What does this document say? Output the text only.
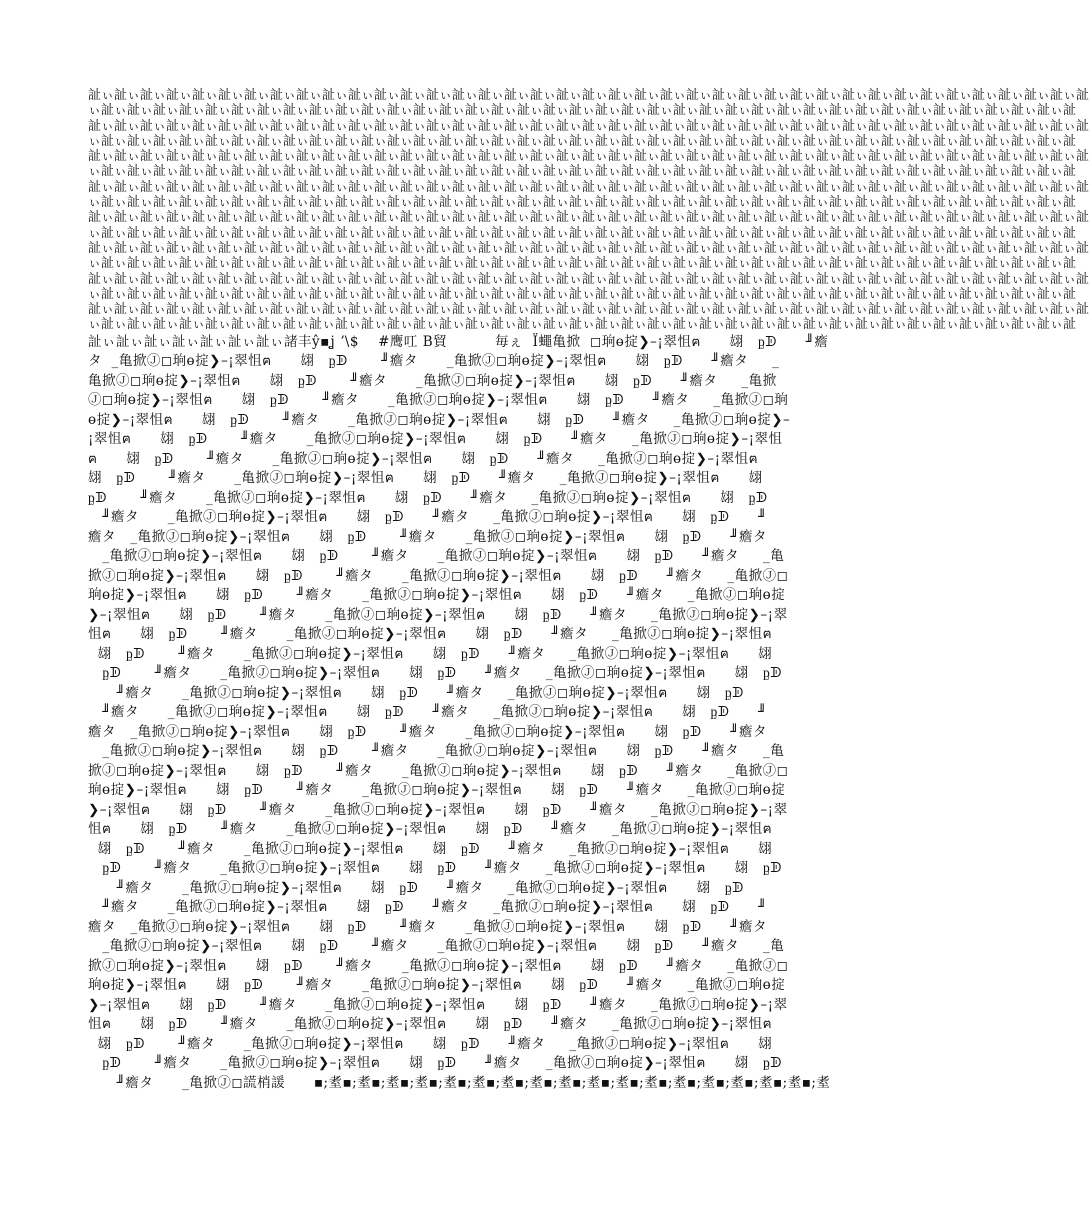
訨ぃ訨ぃ訨ぃ訨ぃ訨ぃ訨ぃ訨ぃ訨ぃ訨ぃ訨ぃ訨ぃ訨ぃ訨ぃ訨ぃ訨ぃ訨ぃ訨ぃ訨ぃ訨ぃ訨ぃ訨ぃ訨ぃ訨ぃ訨ぃ訨ぃ訨ぃ訨ぃ訨ぃ訨ぃ訨ぃ訨ぃ訨ぃ訨ぃ訨ぃ訨ぃ訨ぃ訨ぃ訨ぃ訨
ぃ訨ぃ訨ぃ訨ぃ訨ぃ訨ぃ訨ぃ訨ぃ訨ぃ訨ぃ訨ぃ訨ぃ訨ぃ訨ぃ訨ぃ訨ぃ訨ぃ訨ぃ訨ぃ訨ぃ訨ぃ訨ぃ訨ぃ訨ぃ訨ぃ訨ぃ訨ぃ訨ぃ訨ぃ訨ぃ訨ぃ訨ぃ訨ぃ訨ぃ訨ぃ訨ぃ訨ぃ訨ぃ訨
訨ぃ訨ぃ訨ぃ訨ぃ訨ぃ訨ぃ訨ぃ訨ぃ訨ぃ訨ぃ訨ぃ訨ぃ訨ぃ訨ぃ訨ぃ訨ぃ訨ぃ訨ぃ訨ぃ訨ぃ訨ぃ訨ぃ訨ぃ訨ぃ訨ぃ訨ぃ訨ぃ訨ぃ訨ぃ訨ぃ訨ぃ訨ぃ訨ぃ訨ぃ訨ぃ訨ぃ訨ぃ訨ぃ訨
ぃ訨ぃ訨ぃ訨ぃ訨ぃ訨ぃ訨ぃ訨ぃ訨ぃ訨ぃ訨ぃ訨ぃ訨ぃ訨ぃ訨ぃ訨ぃ訨ぃ訨ぃ訨ぃ訨ぃ訨ぃ訨ぃ訨ぃ訨ぃ訨ぃ訨ぃ訨ぃ訨ぃ訨ぃ訨ぃ訨ぃ訨ぃ訨ぃ訨ぃ訨ぃ訨ぃ訨ぃ訨ぃ訨
訨ぃ訨ぃ訨ぃ訨ぃ訨ぃ訨ぃ訨ぃ訨ぃ訨ぃ訨ぃ訨ぃ訨ぃ訨ぃ訨ぃ訨ぃ訨ぃ訨ぃ訨ぃ訨ぃ訨ぃ訨ぃ訨ぃ訨ぃ訨ぃ訨ぃ訨ぃ訨ぃ訨ぃ訨ぃ訨ぃ訨ぃ訨ぃ訨ぃ訨ぃ訨ぃ訨ぃ訨ぃ訨ぃ訨
ぃ訨ぃ訨ぃ訨ぃ訨ぃ訨ぃ訨ぃ訨ぃ訨ぃ訨ぃ訨ぃ訨ぃ訨ぃ訨ぃ訨ぃ訨ぃ訨ぃ訨ぃ訨ぃ訨ぃ訨ぃ訨ぃ訨ぃ訨ぃ訨ぃ訨ぃ訨ぃ訨ぃ訨ぃ訨ぃ訨ぃ訨ぃ訨ぃ訨ぃ訨ぃ訨ぃ訨ぃ訨ぃ訨
訨ぃ訨ぃ訨ぃ訨ぃ訨ぃ訨ぃ訨ぃ訨ぃ訨ぃ訨ぃ訨ぃ訨ぃ訨ぃ訨ぃ訨ぃ訨ぃ訨ぃ訨ぃ訨ぃ訨ぃ訨ぃ訨ぃ訨ぃ訨ぃ訨ぃ訨ぃ訨ぃ訨ぃ訨ぃ訨ぃ訨ぃ訨ぃ訨ぃ訨ぃ訨ぃ訨ぃ訨ぃ訨ぃ訨
ぃ訨ぃ訨ぃ訨ぃ訨ぃ訨ぃ訨ぃ訨ぃ訨ぃ訨ぃ訨ぃ訨ぃ訨ぃ訨ぃ訨ぃ訨ぃ訨ぃ訨ぃ訨ぃ訨ぃ訨ぃ訨ぃ訨ぃ訨ぃ訨ぃ訨ぃ訨ぃ訨ぃ訨ぃ訨ぃ訨ぃ訨ぃ訨ぃ訨ぃ訨ぃ訨ぃ訨ぃ訨ぃ訨
訨ぃ訨ぃ訨ぃ訨ぃ訨ぃ訨ぃ訨ぃ訨ぃ訨ぃ訨ぃ訨ぃ訨ぃ訨ぃ訨ぃ訨ぃ訨ぃ訨ぃ訨ぃ訨ぃ訨ぃ訨ぃ訨ぃ訨ぃ訨ぃ訨ぃ訨ぃ訨ぃ訨ぃ訨ぃ訨ぃ訨ぃ訨ぃ訨ぃ訨ぃ訨ぃ訨ぃ訨ぃ訨ぃ訨
ぃ訨ぃ訨ぃ訨ぃ訨ぃ訨ぃ訨ぃ訨ぃ訨ぃ訨ぃ訨ぃ訨ぃ訨ぃ訨ぃ訨ぃ訨ぃ訨ぃ訨ぃ訨ぃ訨ぃ訨ぃ訨ぃ訨ぃ訨ぃ訨ぃ訨ぃ訨ぃ訨ぃ訨ぃ訨ぃ訨ぃ訨ぃ訨ぃ訨ぃ訨ぃ訨ぃ訨ぃ訨ぃ訨
訨ぃ訨ぃ訨ぃ訨ぃ訨ぃ訨ぃ訨ぃ訨ぃ訨ぃ訨ぃ訨ぃ訨ぃ訨ぃ訨ぃ訨ぃ訨ぃ訨ぃ訨ぃ訨ぃ訨ぃ訨ぃ訨ぃ訨ぃ訨ぃ訨ぃ訨ぃ訨ぃ訨ぃ訨ぃ訨ぃ訨ぃ訨ぃ訨ぃ訨ぃ訨ぃ訨ぃ訨ぃ訨ぃ訨
ぃ訨ぃ訨ぃ訨ぃ訨ぃ訨ぃ訨ぃ訨ぃ訨ぃ訨ぃ訨ぃ訨ぃ訨ぃ訨ぃ訨ぃ訨ぃ訨ぃ訨ぃ訨ぃ訨ぃ訨ぃ訨ぃ訨ぃ訨ぃ訨ぃ訨ぃ訨ぃ訨ぃ訨ぃ訨ぃ訨ぃ訨ぃ訨ぃ訨ぃ訨ぃ訨ぃ訨ぃ訨ぃ訨
訨ぃ訨ぃ訨ぃ訨ぃ訨ぃ訨ぃ訨ぃ訨ぃ訨ぃ訨ぃ訨ぃ訨ぃ訨ぃ訨ぃ訨ぃ訨ぃ訨ぃ訨ぃ訨ぃ訨ぃ訨ぃ訨ぃ訨ぃ訨ぃ訨ぃ訨ぃ訨ぃ訨ぃ訨ぃ訨ぃ訨ぃ訨ぃ訨ぃ訨ぃ訨ぃ訨ぃ訨ぃ訨ぃ訨
ぃ訨ぃ訨ぃ訨ぃ訨ぃ訨ぃ訨ぃ訨ぃ訨ぃ訨ぃ訨ぃ訨ぃ訨ぃ訨ぃ訨ぃ訨ぃ訨ぃ訨ぃ訨ぃ訨ぃ訨ぃ訨ぃ訨ぃ訨ぃ訨ぃ訨ぃ訨ぃ訨ぃ訨ぃ訨ぃ訨ぃ訨ぃ訨ぃ訨ぃ訨ぃ訨ぃ訨ぃ訨ぃ訨
訨ぃ訨ぃ訨ぃ訨ぃ訨ぃ訨ぃ訨ぃ訨ぃ訨ぃ訨ぃ訨ぃ訨ぃ訨ぃ訨ぃ訨ぃ訨ぃ訨ぃ訨ぃ訨ぃ訨ぃ訨ぃ訨ぃ訨ぃ訨ぃ訨ぃ訨ぃ訨ぃ訨ぃ訨ぃ訨ぃ訨ぃ訨ぃ訨ぃ訨ぃ訨ぃ訨ぃ訨ぃ訨ぃ訨
ぃ訨ぃ訨ぃ訨ぃ訨ぃ訨ぃ訨ぃ訨ぃ訨ぃ訨ぃ訨ぃ訨ぃ訨ぃ訨ぃ訨ぃ訨ぃ訨ぃ訨ぃ訨ぃ訨ぃ訨ぃ訨ぃ訨ぃ訨ぃ訨ぃ訨ぃ訨ぃ訨ぃ訨ぃ訨ぃ訨ぃ訨ぃ訨ぃ訨ぃ訨ぃ訨ぃ訨ぃ訨ぃ訨
訨ぃ訨ぃ訨ぃ訨ぃ訨ぃ訨ぃ訨ぃ諸丰ŷ▪ʝ ʼ\$    #鹰叿 B貿          毎ぇ  Ï蠅亀掀  ◻珦ө掟❯–¡翠怚ฅ      翃   ᶈᗫ      ╜癚
タ  _亀掀Ⓙ◻珦ө掟❯–¡翠怚ฅ      翃   ᶈᗫ       ╜癚タ      _亀掀Ⓙ◻珦ө掟❯–¡翠怚ฅ      翃   ᶈᗫ      ╜癚タ     _
亀掀Ⓙ◻珦ө掟❯–¡翠怚ฅ      翃   ᶈᗫ       ╜癚タ      _亀掀Ⓙ◻珦ө掟❯–¡翠怚ฅ      翃   ᶈᗫ      ╜癚タ     _亀掀
Ⓙ◻珦ө掟❯–¡翠怚ฅ      翃   ᶈᗫ       ╜癚タ      _亀掀Ⓙ◻珦ө掟❯–¡翠怚ฅ      翃   ᶈᗫ      ╜癚タ     _亀掀Ⓙ◻珦
ө掟❯–¡翠怚ฅ      翃   ᶈᗫ       ╜癚タ      _亀掀Ⓙ◻珦ө掟❯–¡翠怚ฅ      翃   ᶈᗫ      ╜癚タ     _亀掀Ⓙ◻珦ө掟❯–
¡翠怚ฅ      翃   ᶈᗫ       ╜癚タ      _亀掀Ⓙ◻珦ө掟❯–¡翠怚ฅ      翃   ᶈᗫ      ╜癚タ     _亀掀Ⓙ◻珦ө掟❯–¡翠怚
ฅ      翃   ᶈᗫ       ╜癚タ      _亀掀Ⓙ◻珦ө掟❯–¡翠怚ฅ      翃   ᶈᗫ      ╜癚タ     _亀掀Ⓙ◻珦ө掟❯–¡翠怚ฅ
翃   ᶈᗫ       ╜癚タ      _亀掀Ⓙ◻珦ө掟❯–¡翠怚ฅ      翃   ᶈᗫ      ╜癚タ     _亀掀Ⓙ◻珦ө掟❯–¡翠怚ฅ      翃
ᶈᗫ       ╜癚タ      _亀掀Ⓙ◻珦ө掟❯–¡翠怚ฅ      翃   ᶈᗫ      ╜癚タ     _亀掀Ⓙ◻珦ө掟❯–¡翠怚ฅ      翃   ᶈᗫ
╜癚タ      _亀掀Ⓙ◻珦ө掟❯–¡翠怚ฅ      翃   ᶈᗫ      ╜癚タ     _亀掀Ⓙ◻珦ө掟❯–¡翠怚ฅ      翃   ᶈᗫ      ╜
癚タ   _亀掀Ⓙ◻珦ө掟❯–¡翠怚ฅ      翃   ᶈᗫ       ╜癚タ      _亀掀Ⓙ◻珦ө掟❯–¡翠怚ฅ      翃   ᶈᗫ      ╜癚タ
_亀掀Ⓙ◻珦ө掟❯–¡翠怚ฅ      翃   ᶈᗫ       ╜癚タ      _亀掀Ⓙ◻珦ө掟❯–¡翠怚ฅ      翃   ᶈᗫ      ╜癚タ     _亀
掀Ⓙ◻珦ө掟❯–¡翠怚ฅ      翃   ᶈᗫ       ╜癚タ      _亀掀Ⓙ◻珦ө掟❯–¡翠怚ฅ      翃   ᶈᗫ      ╜癚タ     _亀掀Ⓙ◻
珦ө掟❯–¡翠怚ฅ      翃   ᶈᗫ       ╜癚タ      _亀掀Ⓙ◻珦ө掟❯–¡翠怚ฅ      翃   ᶈᗫ      ╜癚タ     _亀掀Ⓙ◻珦ө掟
❯–¡翠怚ฅ      翃   ᶈᗫ       ╜癚タ      _亀掀Ⓙ◻珦ө掟❯–¡翠怚ฅ      翃   ᶈᗫ      ╜癚タ     _亀掀Ⓙ◻珦ө掟❯–¡翠
怚ฅ      翃   ᶈᗫ       ╜癚タ      _亀掀Ⓙ◻珦ө掟❯–¡翠怚ฅ      翃   ᶈᗫ      ╜癚タ     _亀掀Ⓙ◻珦ө掟❯–¡翠怚ฅ
翃   ᶈᗫ       ╜癚タ      _亀掀Ⓙ◻珦ө掟❯–¡翠怚ฅ      翃   ᶈᗫ      ╜癚タ     _亀掀Ⓙ◻珦ө掟❯–¡翠怚ฅ      翃
ᶈᗫ       ╜癚タ      _亀掀Ⓙ◻珦ө掟❯–¡翠怚ฅ      翃   ᶈᗫ      ╜癚タ     _亀掀Ⓙ◻珦ө掟❯–¡翠怚ฅ      翃   ᶈᗫ
╜癚タ      _亀掀Ⓙ◻珦ө掟❯–¡翠怚ฅ      翃   ᶈᗫ      ╜癚タ     _亀掀Ⓙ◻珦ө掟❯–¡翠怚ฅ      翃   ᶈᗫ
╜癚タ      _亀掀Ⓙ◻珦ө掟❯–¡翠怚ฅ      翃   ᶈᗫ      ╜癚タ     _亀掀Ⓙ◻珦ө掟❯–¡翠怚ฅ      翃   ᶈᗫ      ╜
癚タ   _亀掀Ⓙ◻珦ө掟❯–¡翠怚ฅ      翃   ᶈᗫ       ╜癚タ      _亀掀Ⓙ◻珦ө掟❯–¡翠怚ฅ      翃   ᶈᗫ      ╜癚タ
_亀掀Ⓙ◻珦ө掟❯–¡翠怚ฅ      翃   ᶈᗫ       ╜癚タ      _亀掀Ⓙ◻珦ө掟❯–¡翠怚ฅ      翃   ᶈᗫ      ╜癚タ     _亀
掀Ⓙ◻珦ө掟❯–¡翠怚ฅ      翃   ᶈᗫ       ╜癚タ      _亀掀Ⓙ◻珦ө掟❯–¡翠怚ฅ      翃   ᶈᗫ      ╜癚タ     _亀掀Ⓙ◻
珦ө掟❯–¡翠怚ฅ      翃   ᶈᗫ       ╜癚タ      _亀掀Ⓙ◻珦ө掟❯–¡翠怚ฅ      翃   ᶈᗫ      ╜癚タ     _亀掀Ⓙ◻珦ө掟
❯–¡翠怚ฅ      翃   ᶈᗫ       ╜癚タ      _亀掀Ⓙ◻珦ө掟❯–¡翠怚ฅ      翃   ᶈᗫ      ╜癚タ     _亀掀Ⓙ◻珦ө掟❯–¡翠
怚ฅ      翃   ᶈᗫ       ╜癚タ      _亀掀Ⓙ◻珦ө掟❯–¡翠怚ฅ      翃   ᶈᗫ      ╜癚タ     _亀掀Ⓙ◻珦ө掟❯–¡翠怚ฅ
翃   ᶈᗫ       ╜癚タ      _亀掀Ⓙ◻珦ө掟❯–¡翠怚ฅ      翃   ᶈᗫ      ╜癚タ     _亀掀Ⓙ◻珦ө掟❯–¡翠怚ฅ      翃
ᶈᗫ       ╜癚タ      _亀掀Ⓙ◻珦ө掟❯–¡翠怚ฅ      翃   ᶈᗫ      ╜癚タ     _亀掀Ⓙ◻珦ө掟❯–¡翠怚ฅ      翃   ᶈᗫ
╜癚タ      _亀掀Ⓙ◻珦ө掟❯–¡翠怚ฅ      翃   ᶈᗫ      ╜癚タ     _亀掀Ⓙ◻珦ө掟❯–¡翠怚ฅ      翃   ᶈᗫ
╜癚タ      _亀掀Ⓙ◻珦ө掟❯–¡翠怚ฅ      翃   ᶈᗫ      ╜癚タ     _亀掀Ⓙ◻珦ө掟❯–¡翠怚ฅ      翃   ᶈᗫ      ╜
癚タ   _亀掀Ⓙ◻珦ө掟❯–¡翠怚ฅ      翃   ᶈᗫ       ╜癚タ      _亀掀Ⓙ◻珦ө掟❯–¡翠怚ฅ      翃   ᶈᗫ      ╜癚タ
_亀掀Ⓙ◻珦ө掟❯–¡翠怚ฅ      翃   ᶈᗫ       ╜癚タ      _亀掀Ⓙ◻珦ө掟❯–¡翠怚ฅ      翃   ᶈᗫ      ╜癚タ     _亀
掀Ⓙ◻珦ө掟❯–¡翠怚ฅ      翃   ᶈᗫ       ╜癚タ      _亀掀Ⓙ◻珦ө掟❯–¡翠怚ฅ      翃   ᶈᗫ      ╜癚タ     _亀掀Ⓙ◻
珦ө掟❯–¡翠怚ฅ      翃   ᶈᗫ       ╜癚タ      _亀掀Ⓙ◻珦ө掟❯–¡翠怚ฅ      翃   ᶈᗫ      ╜癚タ     _亀掀Ⓙ◻珦ө掟
❯–¡翠怚ฅ      翃   ᶈᗫ       ╜癚タ      _亀掀Ⓙ◻珦ө掟❯–¡翠怚ฅ      翃   ᶈᗫ      ╜癚タ     _亀掀Ⓙ◻珦ө掟❯–¡翠
怚ฅ      翃   ᶈᗫ       ╜癚タ      _亀掀Ⓙ◻珦ө掟❯–¡翠怚ฅ      翃   ᶈᗫ      ╜癚タ     _亀掀Ⓙ◻珦ө掟❯–¡翠怚ฅ
翃   ᶈᗫ       ╜癚タ      _亀掀Ⓙ◻珦ө掟❯–¡翠怚ฅ      翃   ᶈᗫ      ╜癚タ     _亀掀Ⓙ◻珦ө掟❯–¡翠怚ฅ      翃
ᶈᗫ       ╜癚タ      _亀掀Ⓙ◻珦ө掟❯–¡翠怚ฅ      翃   ᶈᗫ      ╜癚タ     _亀掀Ⓙ◻珦ө掟❯–¡翠怚ฅ      翃   ᶈᗫ
╜癚タ      _亀掀Ⓙ◻謊梢諼      ▪;耊▪;耊▪;耊▪;耊▪;耊▪;耊▪;耊▪;耊▪;耊▪;耊▪;耊▪;耊▪;耊▪;耊▪;耊▪;耊▪;耊▪;耊
